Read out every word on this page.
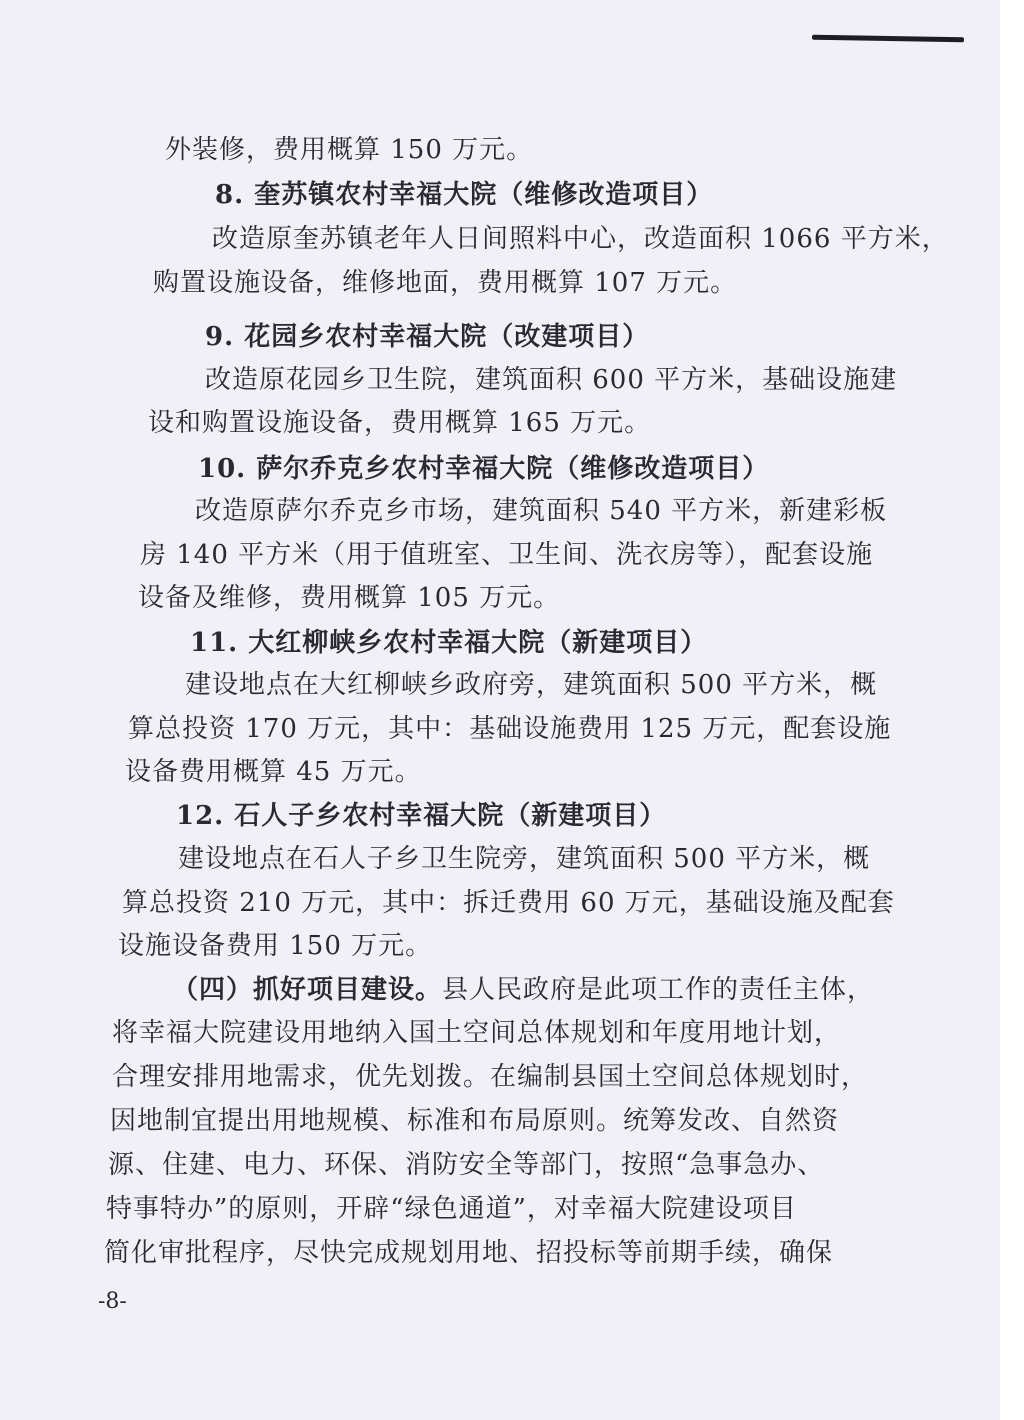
外装修，费用概算 150 万元。
8. 奎苏镇农村幸福大院（维修改造项目）
改造原奎苏镇老年人日间照料中心，改造面积 1066 平方米，
购置设施设备，维修地面，费用概算 107 万元。
9. 花园乡农村幸福大院（改建项目）
改造原花园乡卫生院，建筑面积 600 平方米，基础设施建
设和购置设施设备，费用概算 165 万元。
10. 萨尔乔克乡农村幸福大院（维修改造项目）
改造原萨尔乔克乡市场，建筑面积 540 平方米，新建彩板
房 140 平方米（用于值班室、卫生间、洗衣房等），配套设施
设备及维修，费用概算 105 万元。
11. 大红柳峡乡农村幸福大院（新建项目）
建设地点在大红柳峡乡政府旁，建筑面积 500 平方米，概
算总投资 170 万元，其中：基础设施费用 125 万元，配套设施
设备费用概算 45 万元。
12. 石人子乡农村幸福大院（新建项目）
建设地点在石人子乡卫生院旁，建筑面积 500 平方米，概
算总投资 210 万元，其中：拆迁费用 60 万元，基础设施及配套
设施设备费用 150 万元。
（四）抓好项目建设。县人民政府是此项工作的责任主体，
将幸福大院建设用地纳入国土空间总体规划和年度用地计划，
合理安排用地需求，优先划拨。在编制县国土空间总体规划时，
因地制宜提出用地规模、标准和布局原则。统筹发改、自然资
源、住建、电力、环保、消防安全等部门，按照“急事急办、
特事特办”的原则，开辟“绿色通道”，对幸福大院建设项目
简化审批程序，尽快完成规划用地、招投标等前期手续，确保
-8-
